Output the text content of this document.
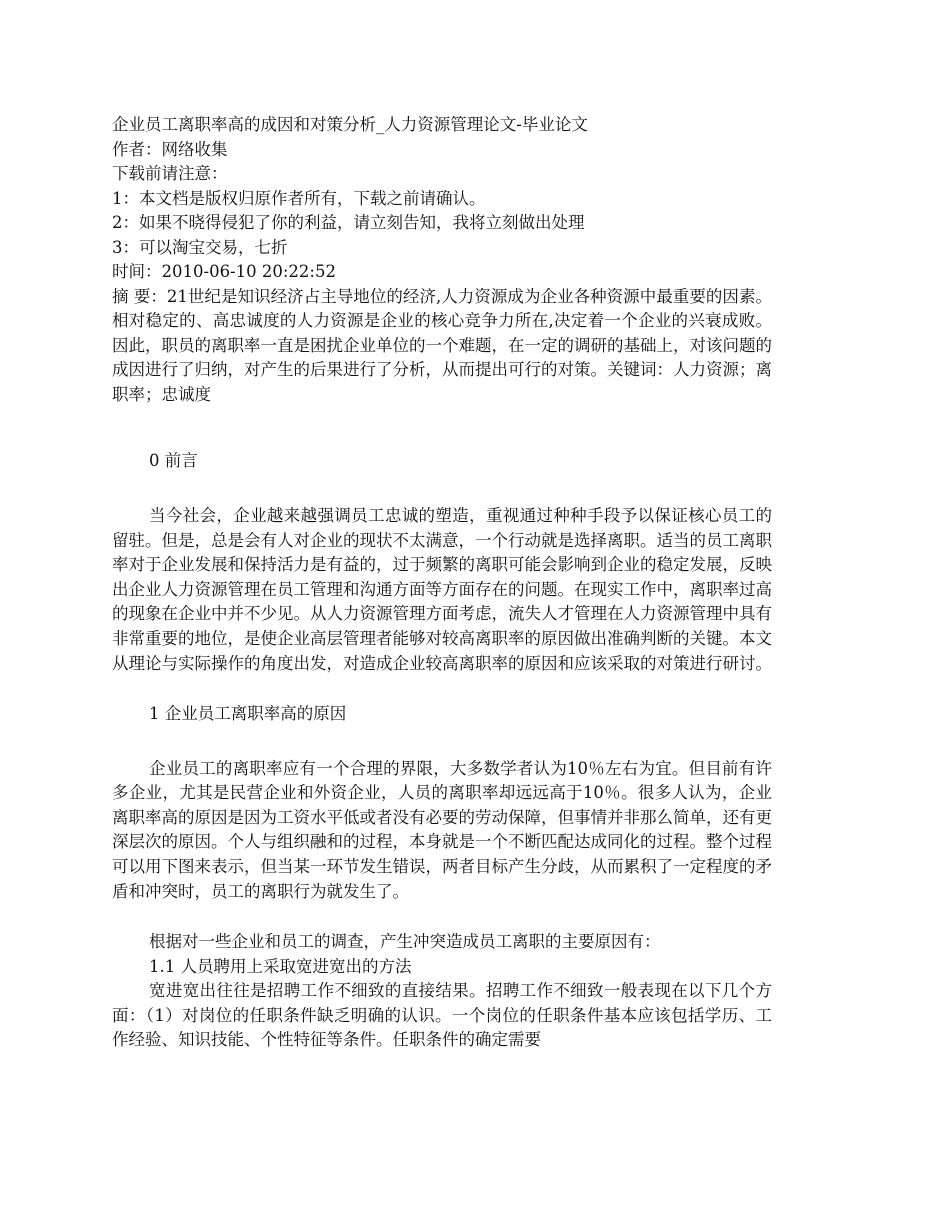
企业员工离职率高的成因和对策分析_人力资源管理论文-毕业论文
作者：网络收集
下载前请注意：
1：本文档是版权归原作者所有，下载之前请确认。
2：如果不晓得侵犯了你的利益，请立刻告知，我将立刻做出处理
3：可以淘宝交易，七折
时间：2010-06-10 20:22:52

摘 要：21世纪是知识经济占主导地位的经济,人力资源成为企业各种资源中最重要的因素。相对稳定的、高忠诚度的人力资源是企业的核心竞争力所在,决定着一个企业的兴衰成败。因此，职员的离职率一直是困扰企业单位的一个难题，在一定的调研的基础上，对该问题的成因进行了归纳，对产生的后果进行了分析，从而提出可行的对策。关键词：人力资源；离职率；忠诚度

0 前言

当今社会，企业越来越强调员工忠诚的塑造，重视通过种种手段予以保证核心员工的留驻。但是，总是会有人对企业的现状不太满意，一个行动就是选择离职。适当的员工离职率对于企业发展和保持活力是有益的，过于频繁的离职可能会影响到企业的稳定发展，反映出企业人力资源管理在员工管理和沟通方面等方面存在的问题。在现实工作中，离职率过高的现象在企业中并不少见。从人力资源管理方面考虑，流失人才管理在人力资源管理中具有非常重要的地位，是使企业高层管理者能够对较高离职率的原因做出准确判断的关键。本文从理论与实际操作的角度出发，对造成企业较高离职率的原因和应该采取的对策进行研讨。

1 企业员工离职率高的原因

企业员工的离职率应有一个合理的界限，大多数学者认为10％左右为宜。但目前有许多企业，尤其是民营企业和外资企业，人员的离职率却远远高于10％。很多人认为，企业离职率高的原因是因为工资水平低或者没有必要的劳动保障，但事情并非那么简单，还有更深层次的原因。个人与组织融和的过程，本身就是一个不断匹配达成同化的过程。整个过程可以用下图来表示，但当某一环节发生错误，两者目标产生分歧，从而累积了一定程度的矛盾和冲突时，员工的离职行为就发生了。

根据对一些企业和员工的调查，产生冲突造成员工离职的主要原因有：

1.1 人员聘用上采取宽进宽出的方法

宽进宽出往往是招聘工作不细致的直接结果。招聘工作不细致一般表现在以下几个方面：（1）对岗位的任职条件缺乏明确的认识。一个岗位的任职条件基本应该包括学历、工作经验、知识技能、个性特征等条件。任职条件的确定需要
